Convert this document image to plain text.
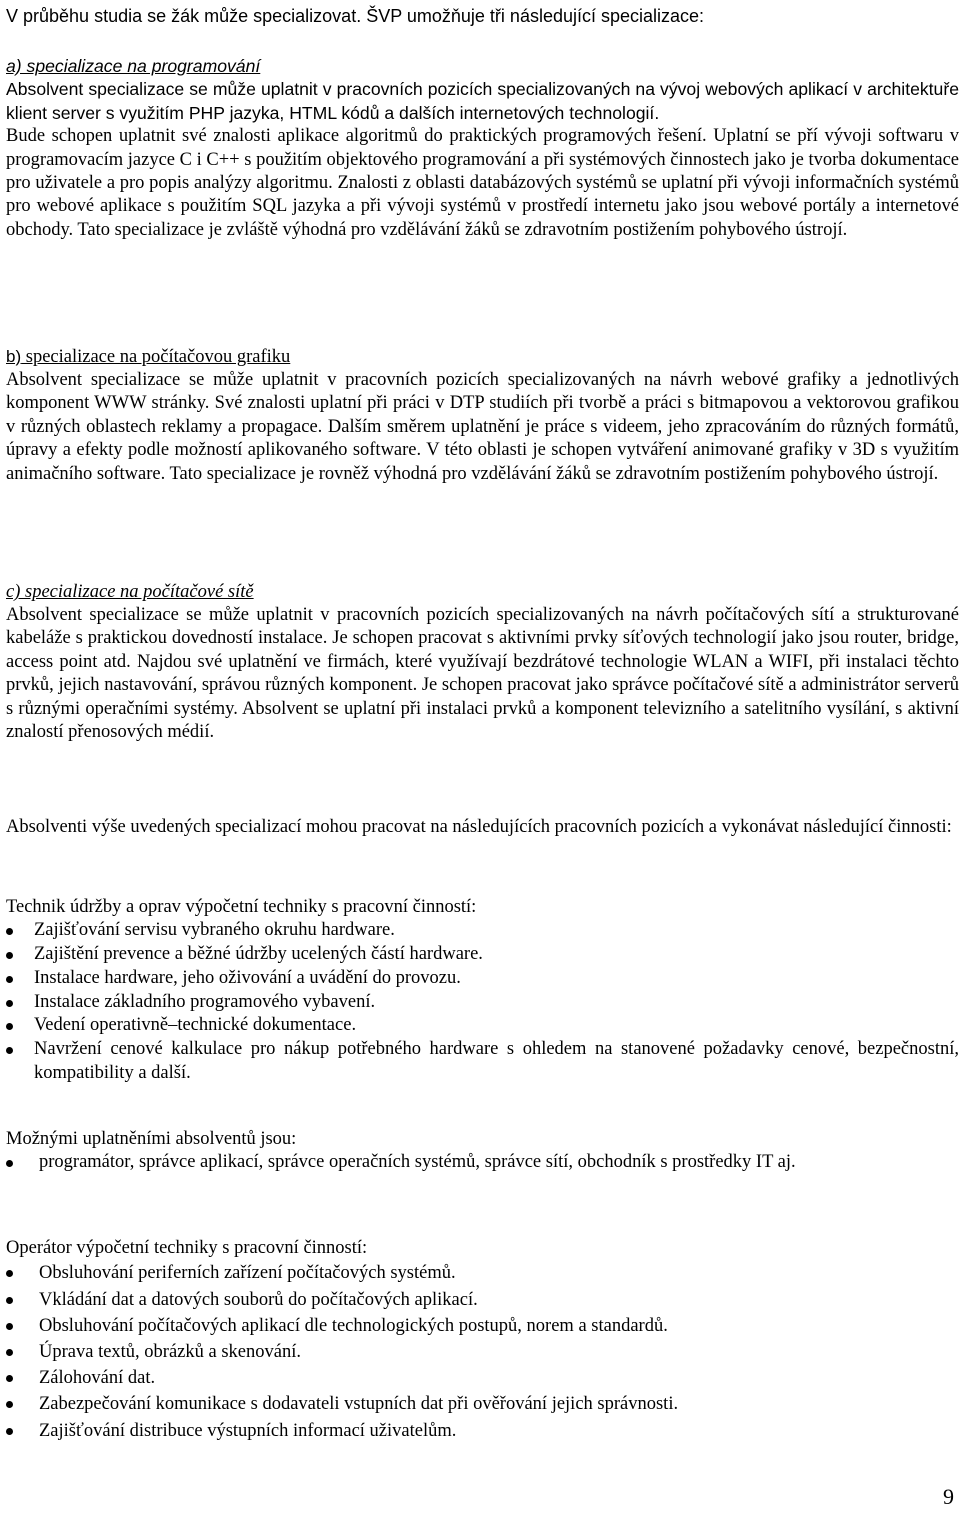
V průběhu studia se žák může specializovat. ŠVP umožňuje tři následující specializace:

a) specializace na programování

Absolvent specializace se může uplatnit v pracovních pozicích specializovaných na vývoj webových aplikací v architektuře klient server s využitím PHP jazyka, HTML kódů a dalších internetových technologií.

Bude schopen uplatnit své znalosti aplikace algoritmů do praktických programových řešení. Uplatní se pří vývoji softwaru v programovacím jazyce C i C++ s použitím objektového programování a při systémových činnostech jako je tvorba dokumentace pro uživatele a pro popis analýzy algoritmu. Znalosti z oblasti databázových systémů se uplatní při vývoji informačních systémů pro webové aplikace s použitím SQL jazyka a při vývoji systémů v prostředí internetu jako jsou webové portály a internetové obchody. Tato specializace je zvláště výhodná pro vzdělávání žáků se zdravotním postižením pohybového ústrojí.

b) specializace na počítačovou grafiku

Absolvent specializace se může uplatnit v pracovních pozicích specializovaných na návrh webové grafiky a jednotlivých komponent WWW stránky. Své znalosti uplatní při práci v DTP studiích při tvorbě a práci s bitmapovou a vektorovou grafikou v různých oblastech reklamy a propagace. Dalším směrem uplatnění je práce s videem, jeho zpracováním do různých formátů, úpravy a efekty podle možností aplikovaného software. V této oblasti je schopen vytváření animované grafiky v 3D s využitím animačního software. Tato specializace je rovněž výhodná pro vzdělávání žáků se zdravotním postižením pohybového ústrojí.

c) specializace na počítačové sítě

Absolvent specializace se může uplatnit v pracovních pozicích specializovaných na návrh počítačových sítí a strukturované kabeláže s praktickou dovedností instalace. Je schopen pracovat s aktivními prvky síťových technologií jako jsou router, bridge, access point atd. Najdou své uplatnění ve firmách, které využívají bezdrátové technologie WLAN a WIFI, při instalaci těchto prvků, jejich nastavování, správou různých komponent. Je schopen pracovat jako správce počítačové sítě a administrátor serverů s různými operačními systémy. Absolvent se uplatní při instalaci prvků a komponent televizního a satelitního vysílání, s aktivní znalostí přenosových médií.

Absolventi výše uvedených specializací mohou pracovat na následujících pracovních pozicích a vykonávat následující činnosti:

Technik údržby a oprav výpočetní techniky s pracovní činností:

Zajišťování servisu vybraného okruhu hardware.
Zajištění prevence a běžné údržby ucelených částí hardware.
Instalace hardware, jeho oživování a uvádění do provozu.
Instalace základního programového vybavení.
Vedení operativně–technické dokumentace.
Navržení cenové kalkulace pro nákup potřebného hardware s ohledem na stanovené požadavky cenové, bezpečnostní, kompatibility a další.

Možnými uplatněními absolventů jsou:

programátor, správce aplikací, správce operačních systémů, správce sítí, obchodník s prostředky IT aj.

Operátor výpočetní techniky s pracovní činností:

Obsluhování periferních zařízení počítačových systémů.
Vkládání dat a datových souborů do počítačových aplikací.
Obsluhování počítačových aplikací dle technologických postupů, norem a standardů.
Úprava textů, obrázků a skenování.
Zálohování dat.
Zabezpečování komunikace s dodavateli vstupních dat při ověřování jejich správnosti.
Zajišťování distribuce výstupních informací uživatelům.
9
